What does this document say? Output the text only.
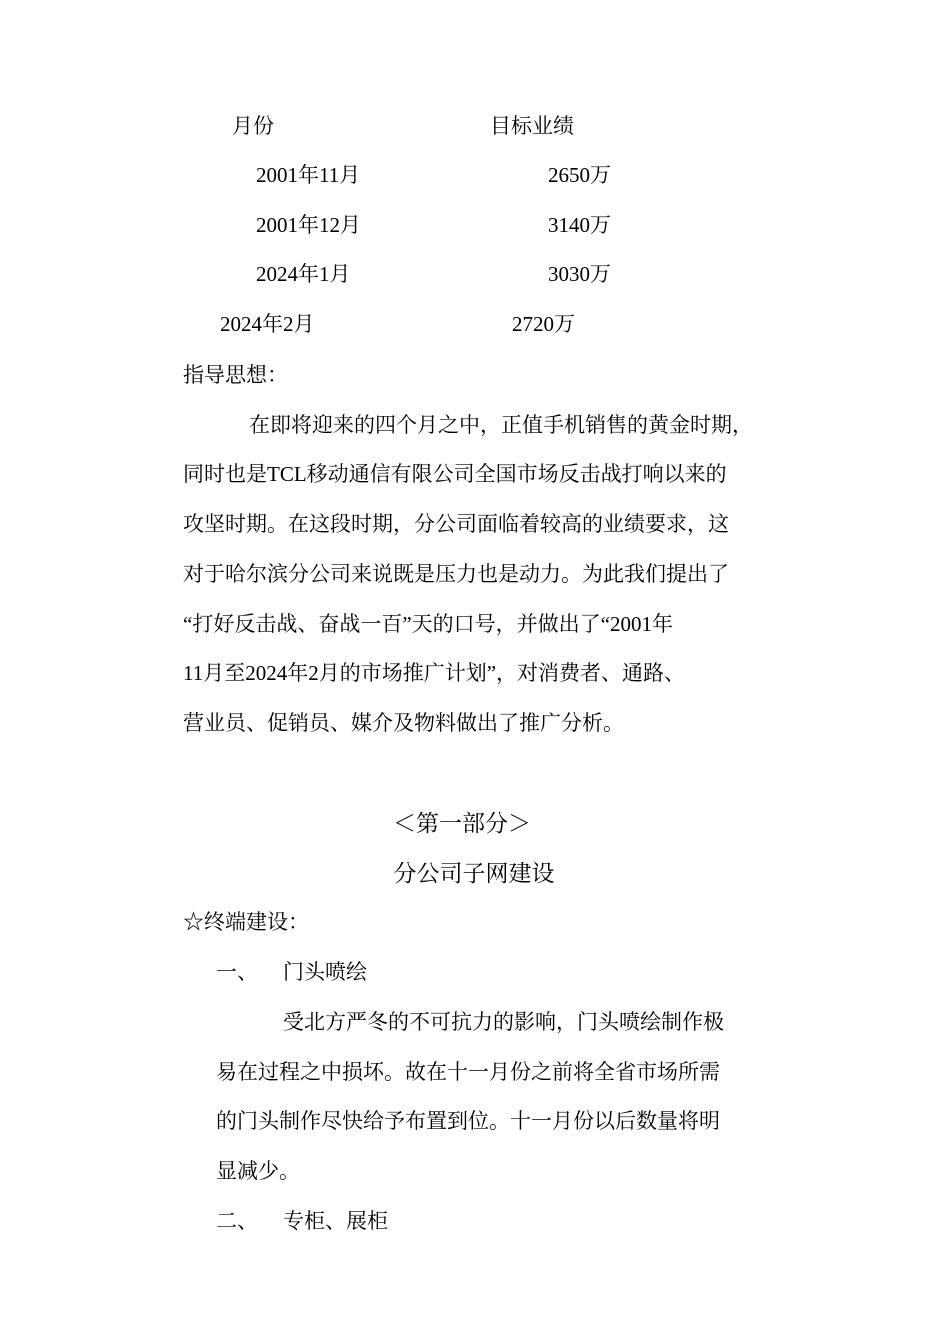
月份	目标业绩
2001年11月	2650万
2001年12月	3140万
2024年1月	3030万
2024年2月	2720万
指导思想：
在即将迎来的四个月之中，正值手机销售的黄金时期，
同时也是TCL移动通信有限公司全国市场反击战打响以来的
攻坚时期。在这段时期，分公司面临着较高的业绩要求，这
对于哈尔滨分公司来说既是压力也是动力。为此我们提出了
“打好反击战、奋战一百”天的口号，并做出了“2001年
11月至2024年2月的市场推广计划”，对消费者、通路、
营业员、促销员、媒介及物料做出了推广分析。
＜第一部分＞
分公司子网建设
☆终端建设：
一、 门头喷绘
受北方严冬的不可抗力的影响，门头喷绘制作极
易在过程之中损坏。故在十一月份之前将全省市场所需
的门头制作尽快给予布置到位。十一月份以后数量将明
显减少。
二、 专柜、展柜
